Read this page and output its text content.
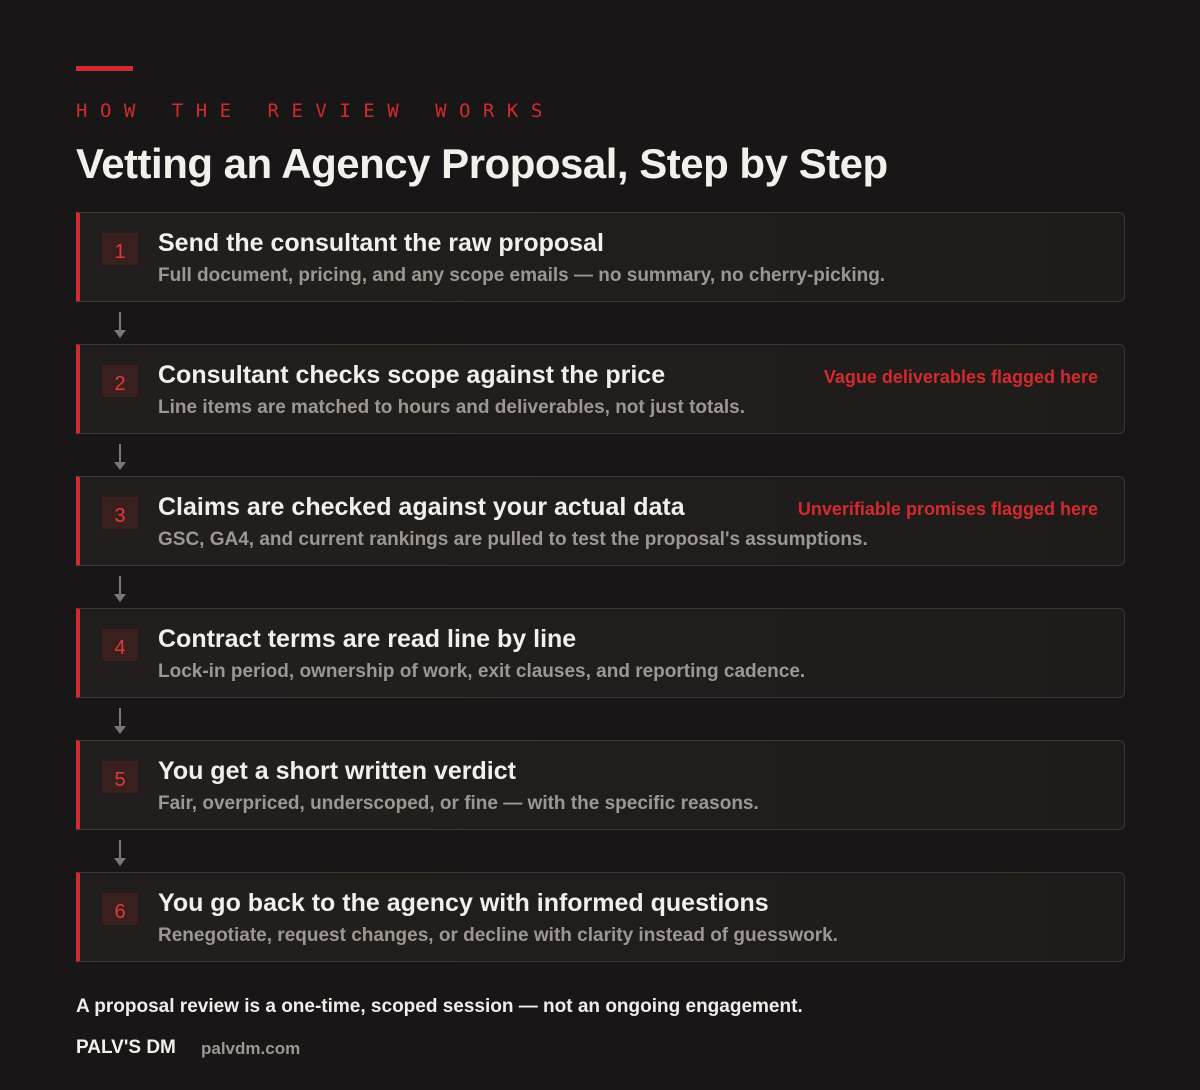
HOW THE REVIEW WORKS
Vetting an Agency Proposal, Step by Step
1	Send the consultant the raw proposal
Full document, pricing, and any scope emails — no summary, no cherry-picking.
2	Consultant checks scope against the price	Vague deliverables flagged here
Line items are matched to hours and deliverables, not just totals.
3	Claims are checked against your actual data	Unverifiable promises flagged here
GSC, GA4, and current rankings are pulled to test the proposal's assumptions.
4	Contract terms are read line by line
Lock-in period, ownership of work, exit clauses, and reporting cadence.
5	You get a short written verdict
Fair, overpriced, underscoped, or fine — with the specific reasons.
6	You go back to the agency with informed questions
Renegotiate, request changes, or decline with clarity instead of guesswork.
A proposal review is a one-time, scoped session — not an ongoing engagement.
PALV'S DM palvdm.com
